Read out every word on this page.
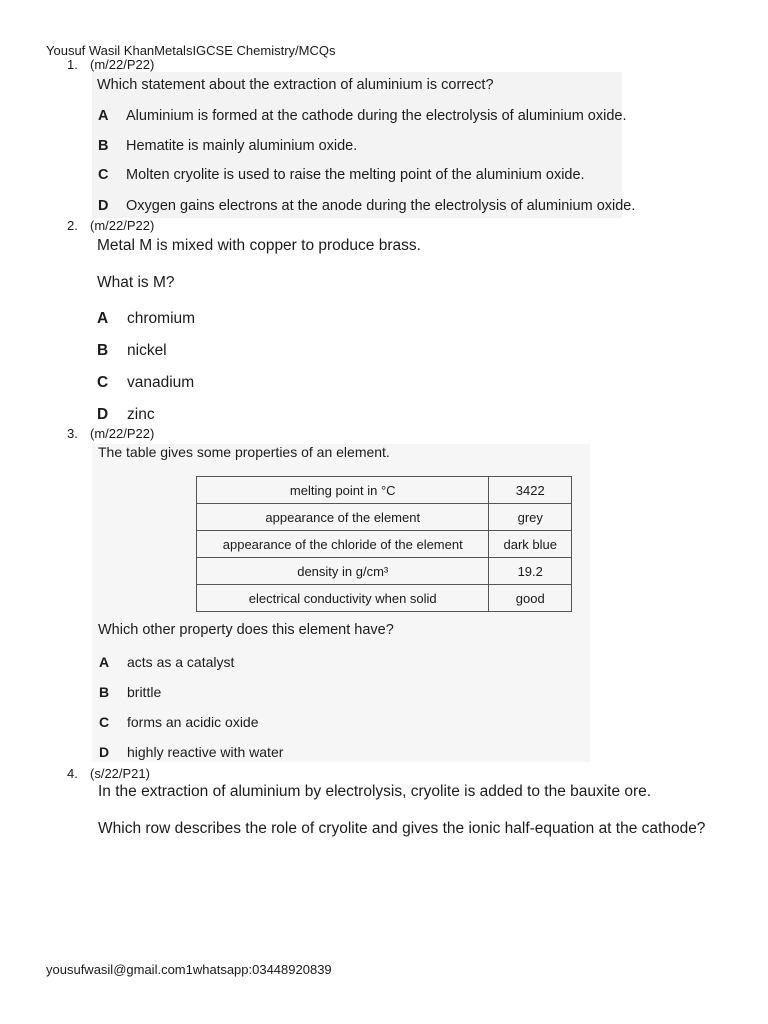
Yousuf Wasil KhanMetalsIGCSE Chemistry/MCQs
1. (m/22/P22)
Which statement about the extraction of aluminium is correct?
A Aluminium is formed at the cathode during the electrolysis of aluminium oxide.
B Hematite is mainly aluminium oxide.
C Molten cryolite is used to raise the melting point of the aluminium oxide.
D Oxygen gains electrons at the anode during the electrolysis of aluminium oxide.
2. (m/22/P22)
Metal M is mixed with copper to produce brass.
What is M?
A chromium
B nickel
C vanadium
D zinc
3. (m/22/P22)
The table gives some properties of an element.
melting point in °C	3422
appearance of the element	grey
appearance of the chloride of the element	dark blue
density in g/cm³	19.2
electrical conductivity when solid	good
Which other property does this element have?
A acts as a catalyst
B brittle
C forms an acidic oxide
D highly reactive with water
4. (s/22/P21)
In the extraction of aluminium by electrolysis, cryolite is added to the bauxite ore.
Which row describes the role of cryolite and gives the ionic half-equation at the cathode?
yousufwasil@gmail.com1whatsapp:03448920839
